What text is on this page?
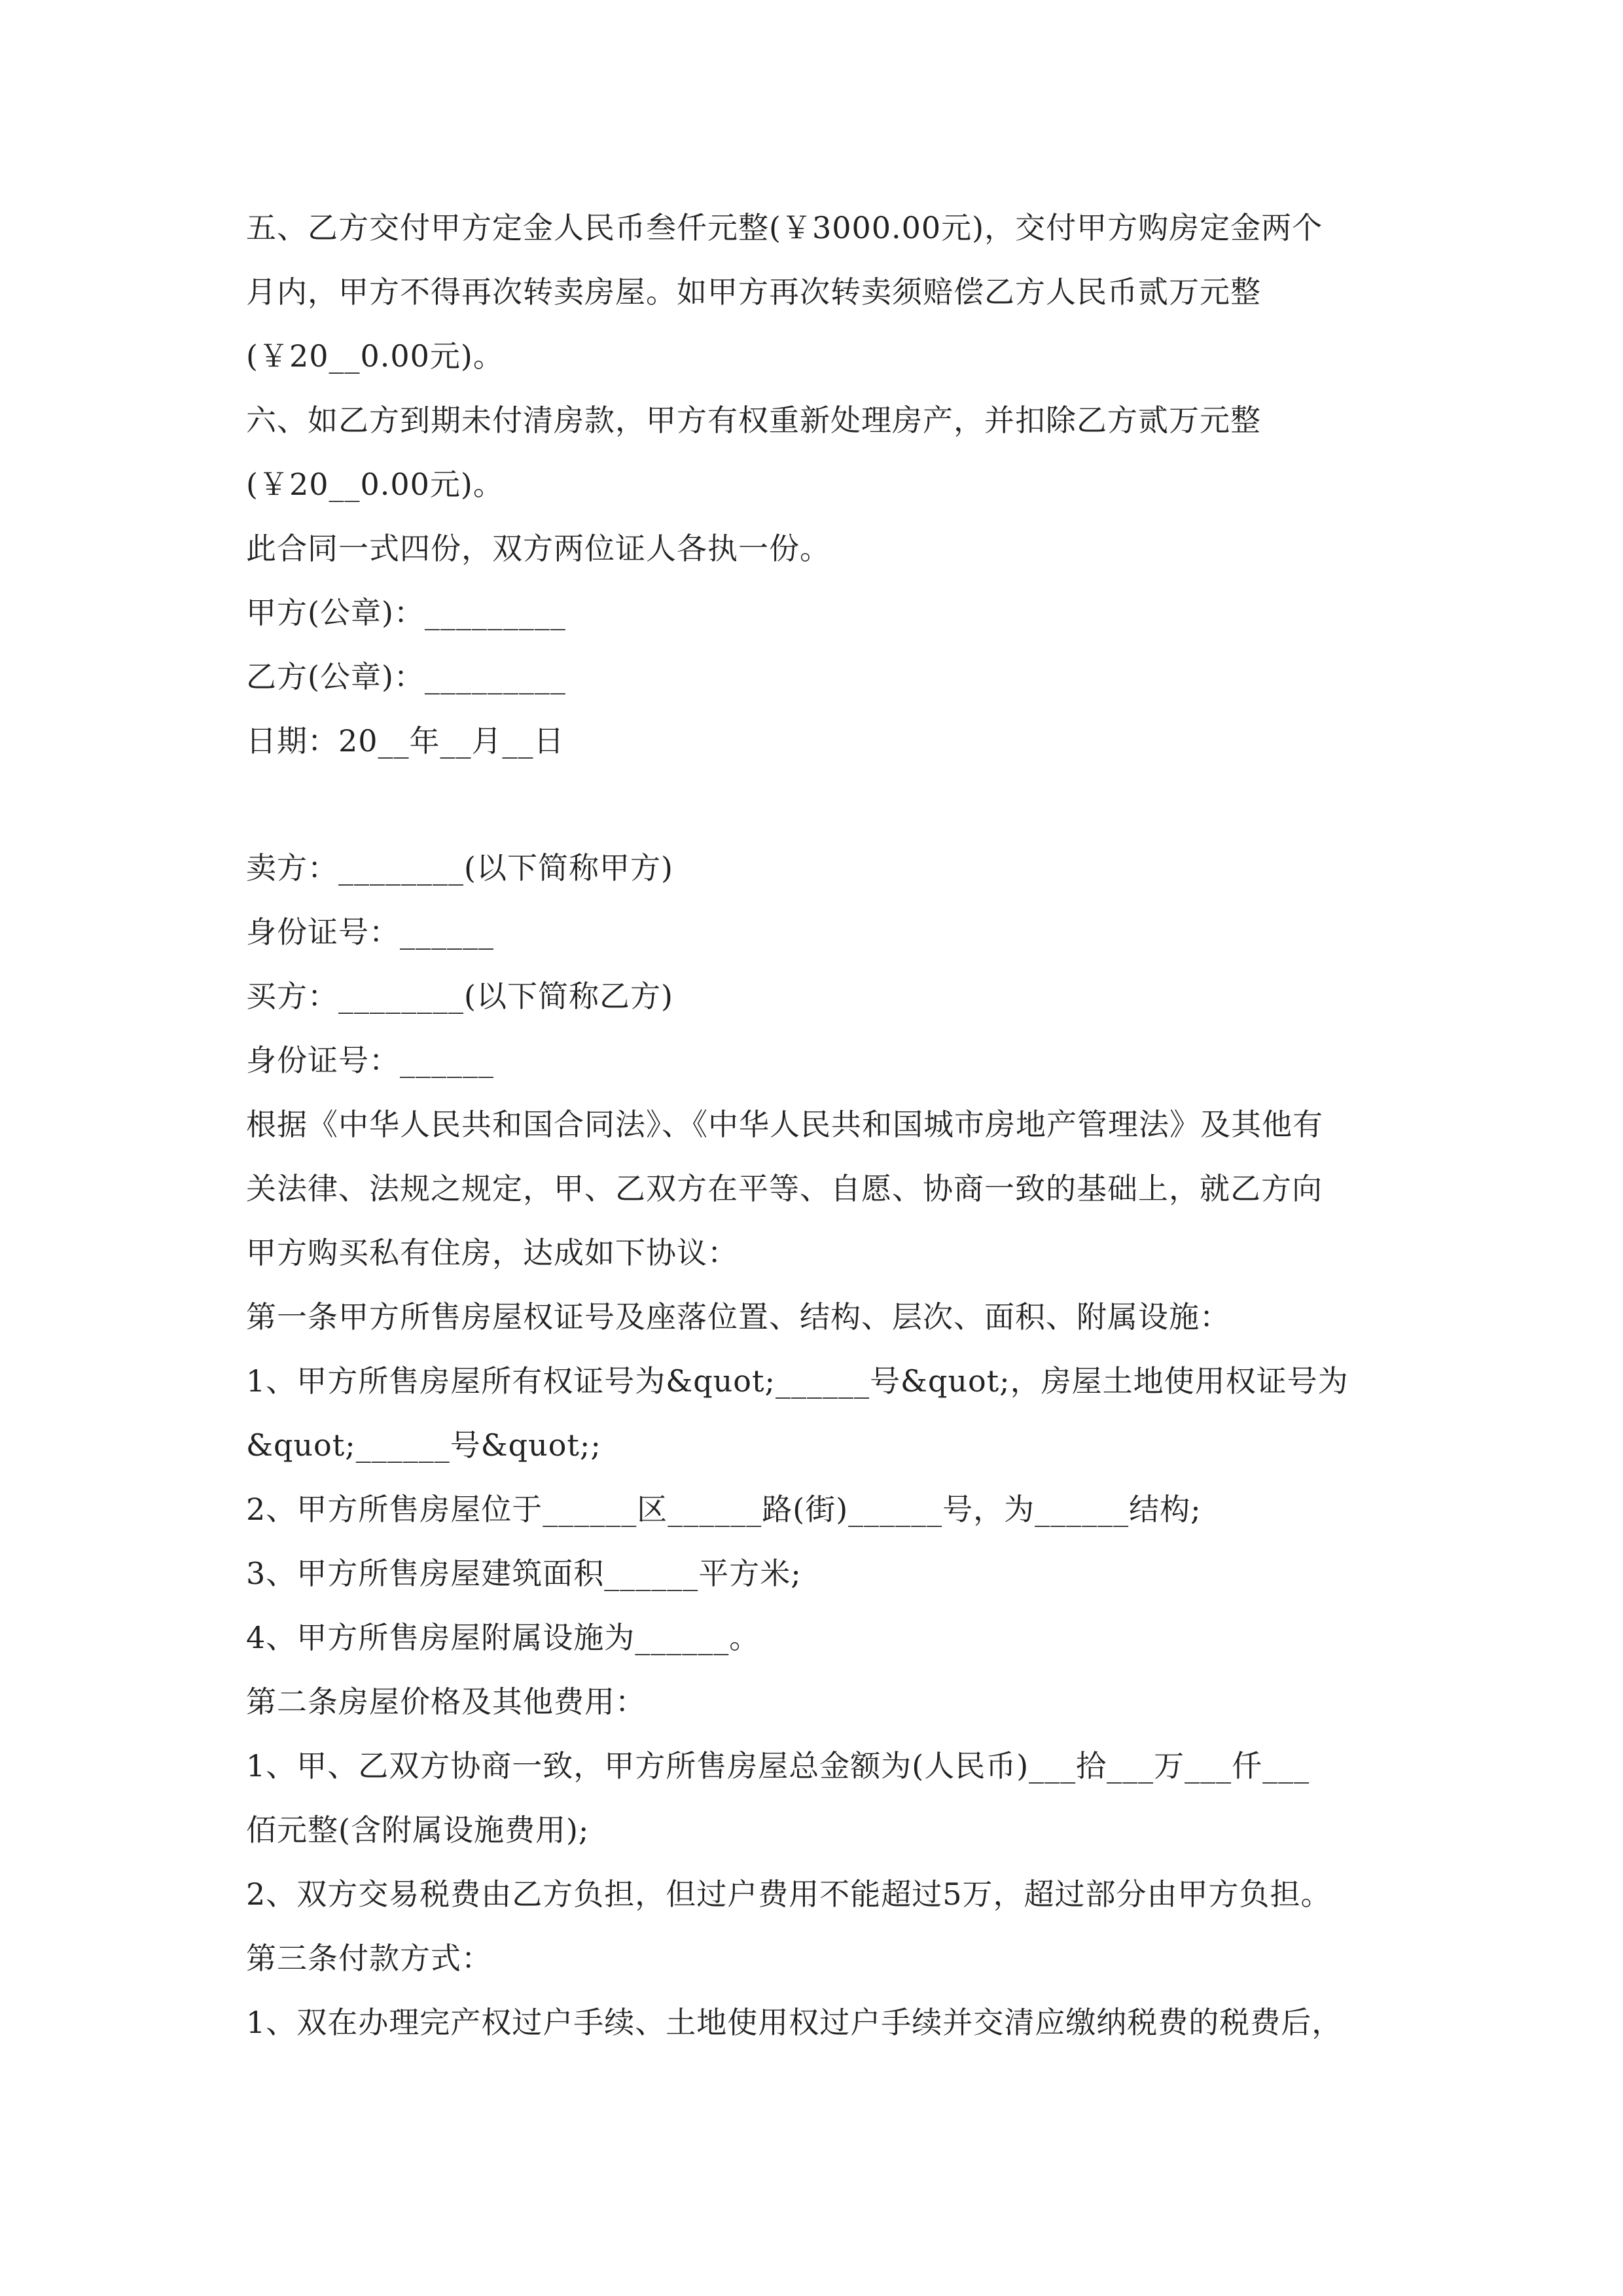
五、乙方交付甲方定金人民币叁仟元整(￥3000.00元)，交付甲方购房定金两个
月内，甲方不得再次转卖房屋。如甲方再次转卖须赔偿乙方人民币贰万元整
(￥20__0.00元)。
六、如乙方到期未付清房款，甲方有权重新处理房产，并扣除乙方贰万元整
(￥20__0.00元)。
此合同一式四份，双方两位证人各执一份。
甲方(公章)：_________
乙方(公章)：_________
日期：20__年__月__日
卖方：________(以下简称甲方)
身份证号：______
买方：________(以下简称乙方)
身份证号：______
根据《中华人民共和国合同法》、《中华人民共和国城市房地产管理法》及其他有
关法律、法规之规定，甲、乙双方在平等、自愿、协商一致的基础上，就乙方向
甲方购买私有住房，达成如下协议：
第一条甲方所售房屋权证号及座落位置、结构、层次、面积、附属设施：
1、甲方所售房屋所有权证号为&quot;______号&quot;，房屋土地使用权证号为
&quot;______号&quot;;
2、甲方所售房屋位于______区______路(街)______号，为______结构;
3、甲方所售房屋建筑面积______平方米;
4、甲方所售房屋附属设施为______。
第二条房屋价格及其他费用：
1、甲、乙双方协商一致，甲方所售房屋总金额为(人民币)___拾___万___仟___
佰元整(含附属设施费用);
2、双方交易税费由乙方负担，但过户费用不能超过5万，超过部分由甲方负担。
第三条付款方式：
1、双在办理完产权过户手续、土地使用权过户手续并交清应缴纳税费的税费后，
